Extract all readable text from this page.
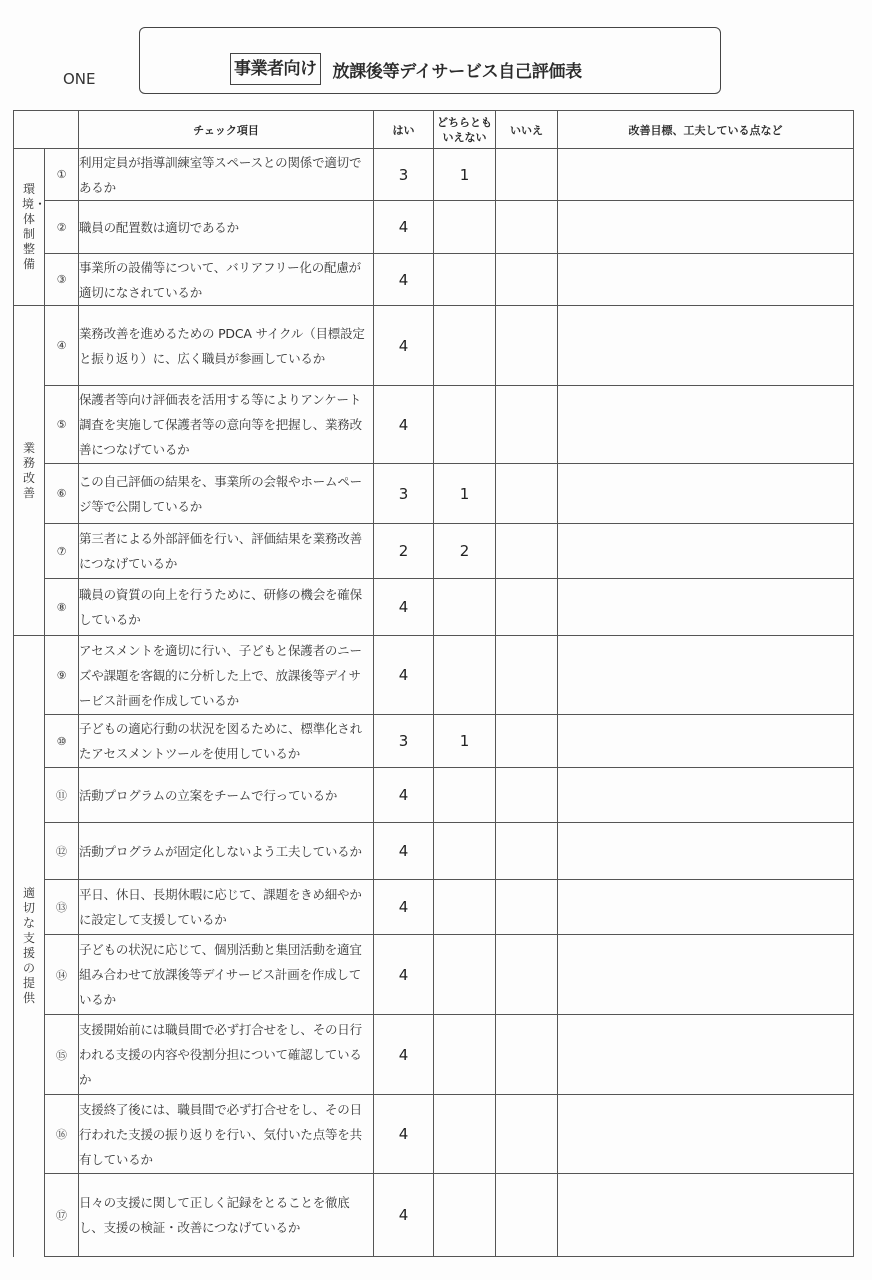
ONE	事業者向け 放課後等デイサービス自己評価表
		チェック項目	はい	どちらとも
いえない	いいえ	改善目標、工夫している点など
環境・体制整備	①	利用定員が指導訓練室等スペースとの関係で適切であるか	3	1		
	②	職員の配置数は適切であるか	4			
	③	事業所の設備等について、バリアフリー化の配慮が適切になされているか	4			
業務改善	④	業務改善を進めるための PDCA サイクル（目標設定と振り返り）に、広く職員が参画しているか	4			
	⑤	保護者等向け評価表を活用する等によりアンケート調査を実施して保護者等の意向等を把握し、業務改善につなげているか	4			
	⑥	この自己評価の結果を、事業所の会報やホームページ等で公開しているか	3	1		
	⑦	第三者による外部評価を行い、評価結果を業務改善につなげているか	2	2		
	⑧	職員の資質の向上を行うために、研修の機会を確保しているか	4			
適切な支援の提供	⑨	アセスメントを適切に行い、子どもと保護者のニーズや課題を客観的に分析した上で、放課後等デイサービス計画を作成しているか	4			
	⑩	子どもの適応行動の状況を図るために、標準化されたアセスメントツールを使用しているか	3	1		
	⑪	活動プログラムの立案をチームで行っているか	4			
	⑫	活動プログラムが固定化しないよう工夫しているか	4			
	⑬	平日、休日、長期休暇に応じて、課題をきめ細やかに設定して支援しているか	4			
	⑭	子どもの状況に応じて、個別活動と集団活動を適宜組み合わせて放課後等デイサービス計画を作成しているか	4			
	⑮	支援開始前には職員間で必ず打合せをし、その日行われる支援の内容や役割分担について確認しているか	4			
	⑯	支援終了後には、職員間で必ず打合せをし、その日行われた支援の振り返りを行い、気付いた点等を共有しているか	4			
	⑰	日々の支援に関して正しく記録をとることを徹底し、支援の検証・改善につなげているか	4			
